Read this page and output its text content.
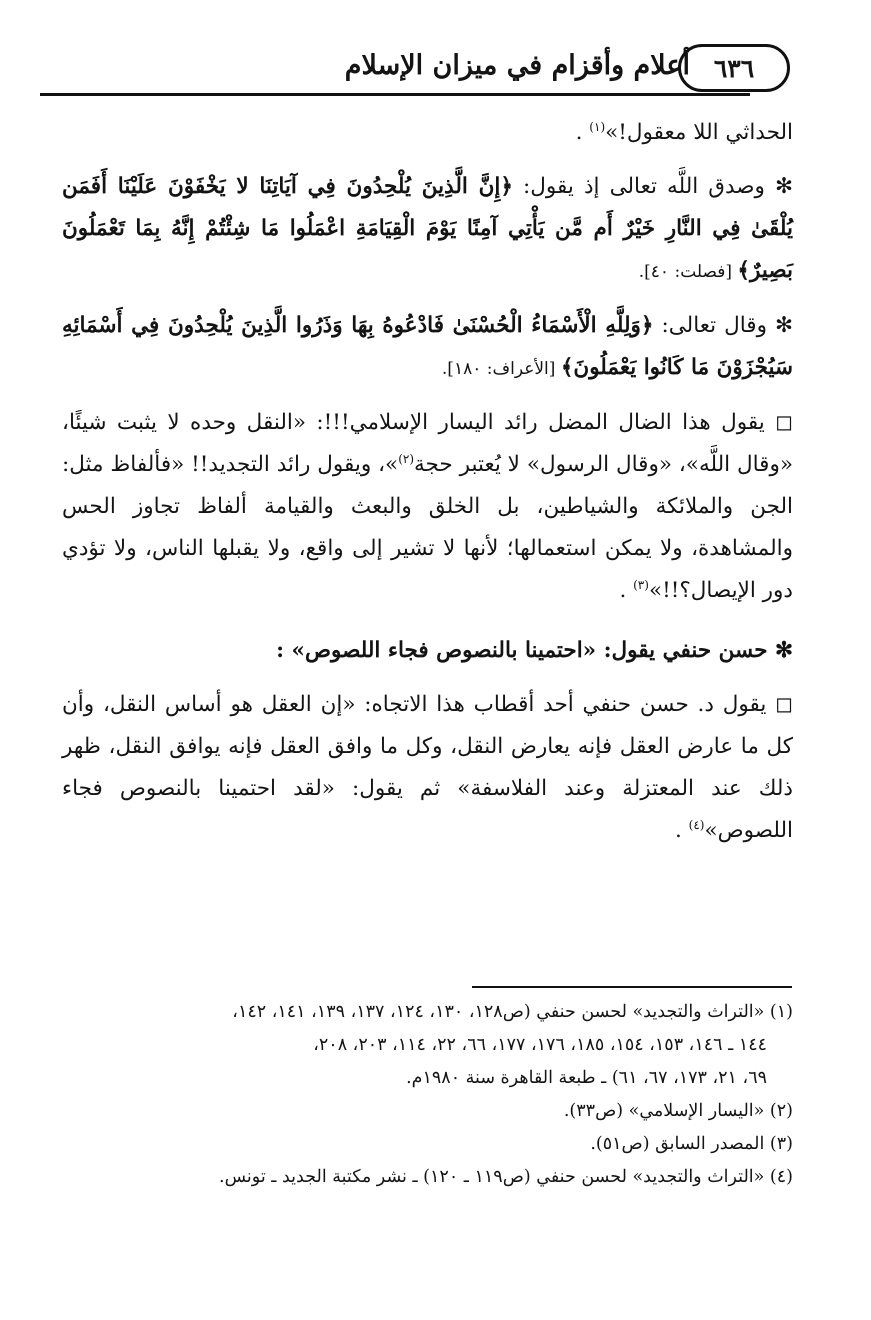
أعلام وأقزام في ميزان الإسلام ٦٣٦

الحداثي اللا معقول!»$^{(١)}$ .

✻ وصدق اللَّه تعالى إذ يقول: ﴿إِنَّ الَّذِينَ يُلْحِدُونَ فِي آيَاتِنَا لا يَخْفَوْنَ عَلَيْنَا أَفَمَن يُلْقَىٰ فِي النَّارِ خَيْرٌ أَم مَّن يَأْتِي آمِنًا يَوْمَ الْقِيَامَةِ اعْمَلُوا مَا شِئْتُمْ إِنَّهُ بِمَا تَعْمَلُونَ بَصِيرٌ﴾ [فصلت: ٤٠].

✻ وقال تعالى: ﴿وَلِلَّهِ الْأَسْمَاءُ الْحُسْنَىٰ فَادْعُوهُ بِهَا وَذَرُوا الَّذِينَ يُلْحِدُونَ فِي أَسْمَائِهِ سَيُجْزَوْنَ مَا كَانُوا يَعْمَلُونَ﴾ [الأعراف: ١٨٠].

◻ يقول هذا الضال المضل رائد اليسار الإسلامي!!!: «النقل وحده لا يثبت شيئًا، «وقال اللَّه»، «وقال الرسول» لا يُعتبر حجة$^{(٢)}$»، ويقول رائد التجديد!! «فألفاظ مثل: الجن والملائكة والشياطين، بل الخلق والبعث والقيامة ألفاظ تجاوز الحس والمشاهدة، ولا يمكن استعمالها؛ لأنها لا تشير إلى واقع، ولا يقبلها الناس، ولا تؤدي دور الإيصال؟!!»$^{(٣)}$ .

✻ حسن حنفي يقول: «احتمينا بالنصوص فجاء اللصوص» :

◻ يقول د. حسن حنفي أحد أقطاب هذا الاتجاه: «إن العقل هو أساس النقل، وأن كل ما عارض العقل فإنه يعارض النقل، وكل ما وافق العقل فإنه يوافق النقل، ظهر ذلك عند المعتزلة وعند الفلاسفة» ثم يقول: «لقد احتمينا بالنصوص فجاء اللصوص»$^{(٤)}$ .

(١) «التراث والتجديد» لحسن حنفي (ص١٢٨، ١٣٠، ١٢٤، ١٣٧، ١٣٩، ١٤١، ١٤٢،

١٤٤ ـ ١٤٦، ١٥٣، ١٥٤، ١٨٥، ١٧٦، ١٧٧، ٦٦، ٢٢، ١١٤، ٢٠٣، ٢٠٨،

٦٩، ٢١، ١٧٣، ٦٧، ٦١) ـ طبعة القاهرة سنة ١٩٨٠م.

(٢) «اليسار الإسلامي» (ص٣٣).

(٣) المصدر السابق (ص٥١).

(٤) «التراث والتجديد» لحسن حنفي (ص١١٩ ـ ١٢٠) ـ نشر مكتبة الجديد ـ تونس.
